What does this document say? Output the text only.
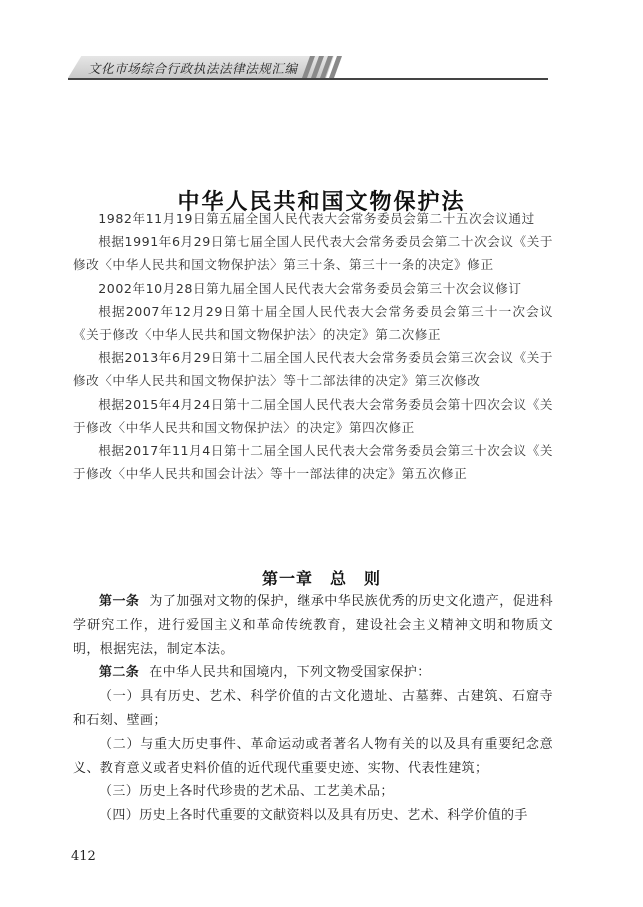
文化市场综合行政执法法律法规汇编
中华人民共和国文物保护法

1982年11月19日第五届全国人民代表大会常务委员会第二十五次会议通过

根据1991年6月29日第七届全国人民代表大会常务委员会第二十次会议《关于修改〈中华人民共和国文物保护法〉第三十条、第三十一条的决定》修正

2002年10月28日第九届全国人民代表大会常务委员会第三十次会议修订

根据2007年12月29日第十届全国人民代表大会常务委员会第三十一次会议《关于修改〈中华人民共和国文物保护法〉的决定》第二次修正

根据2013年6月29日第十二届全国人民代表大会常务委员会第三次会议《关于修改〈中华人民共和国文物保护法〉等十二部法律的决定》第三次修改

根据2015年4月24日第十二届全国人民代表大会常务委员会第十四次会议《关于修改〈中华人民共和国文物保护法〉的决定》第四次修正

根据2017年11月4日第十二届全国人民代表大会常务委员会第三十次会议《关于修改〈中华人民共和国会计法〉等十一部法律的决定》第五次修正

第一章　总　则

第一条 为了加强对文物的保护，继承中华民族优秀的历史文化遗产，促进科学研究工作，进行爱国主义和革命传统教育，建设社会主义精神文明和物质文明，根据宪法，制定本法。

第二条 在中华人民共和国境内，下列文物受国家保护：

（一）具有历史、艺术、科学价值的古文化遗址、古墓葬、古建筑、石窟寺和石刻、壁画；

（二）与重大历史事件、革命运动或者著名人物有关的以及具有重要纪念意义、教育意义或者史料价值的近代现代重要史迹、实物、代表性建筑；

（三）历史上各时代珍贵的艺术品、工艺美术品；

（四）历史上各时代重要的文献资料以及具有历史、艺术、科学价值的手

412
